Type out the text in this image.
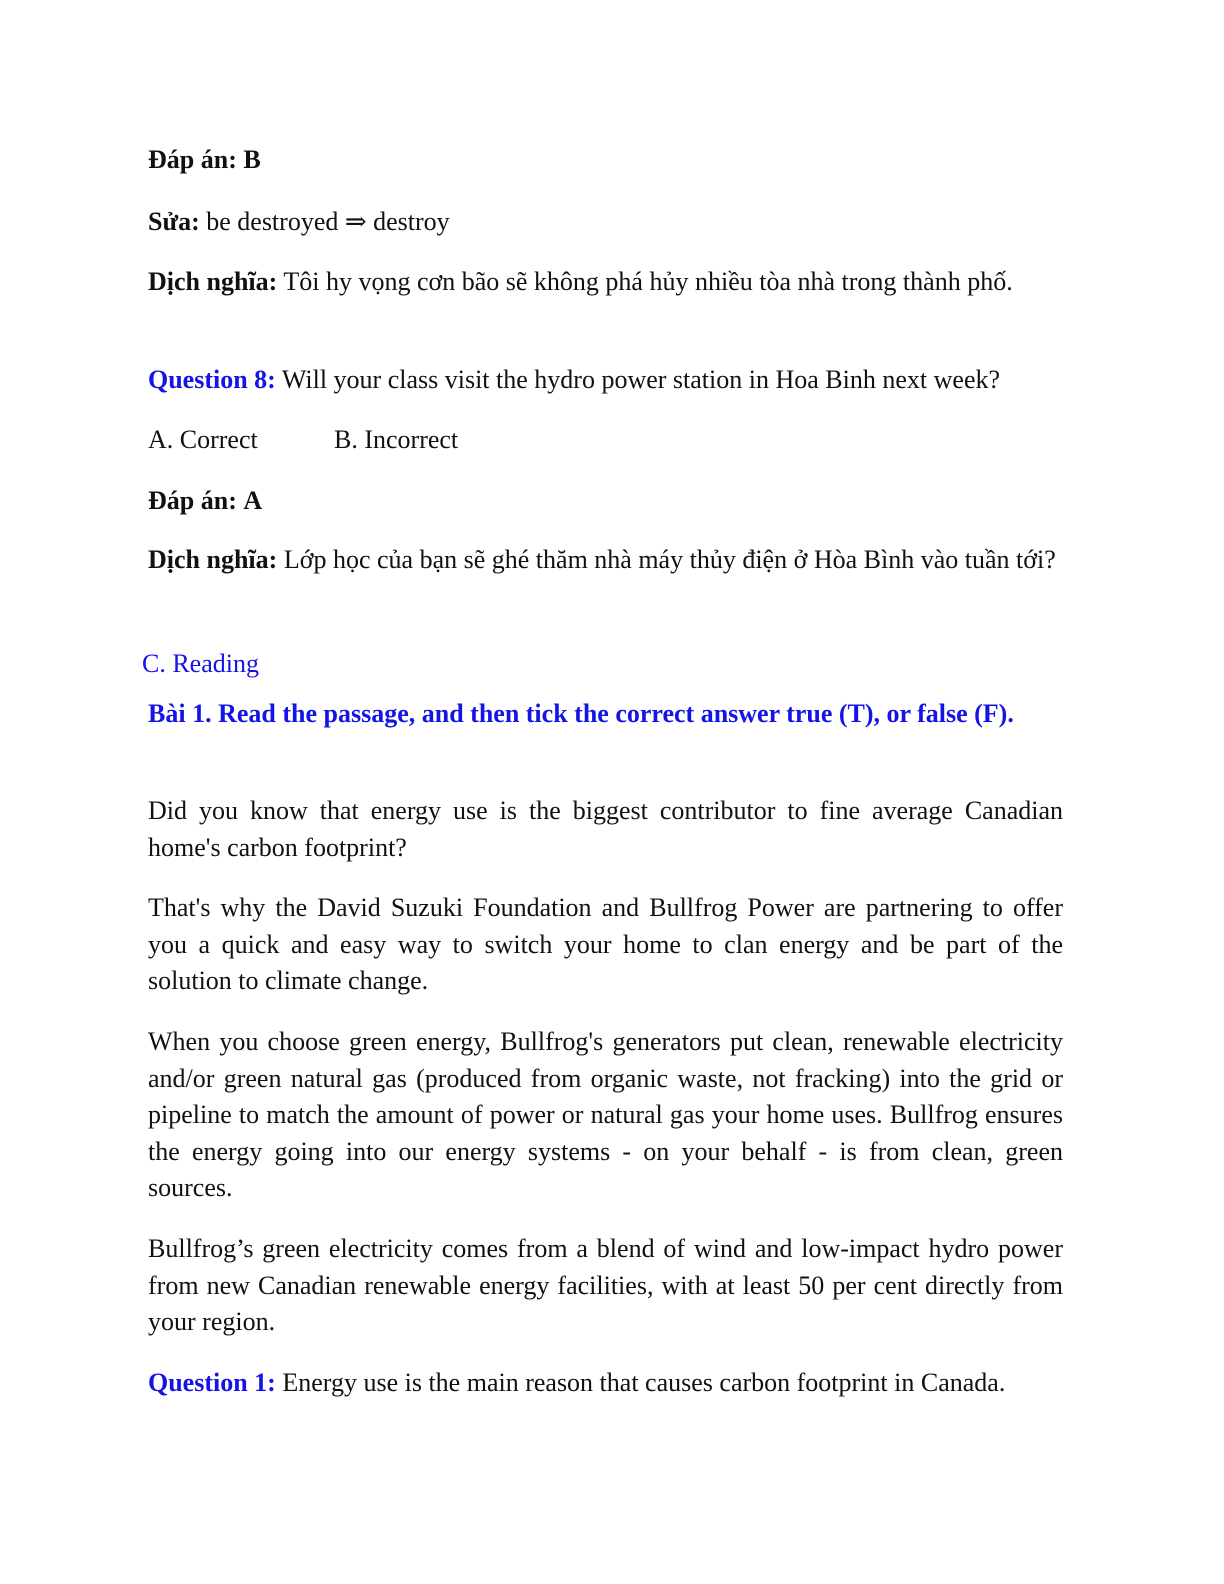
Đáp án: B
Sửa: be destroyed ⇒ destroy
Dịch nghĩa: Tôi hy vọng cơn bão sẽ không phá hủy nhiều tòa nhà trong thành phố.
Question 8: Will your class visit the hydro power station in Hoa Binh next week?
A. Correct	B. Incorrect
Đáp án: A
Dịch nghĩa: Lớp học của bạn sẽ ghé thăm nhà máy thủy điện ở Hòa Bình vào tuần tới?
C. Reading
Bài 1. Read the passage, and then tick the correct answer true (T), or false (F).
Did you know that energy use is the biggest contributor to fine average Canadian home's carbon footprint?
That's why the David Suzuki Foundation and Bullfrog Power are partnering to offer you a quick and easy way to switch your home to clan energy and be part of the solution to climate change.
When you choose green energy, Bullfrog's generators put clean, renewable electricity and/or green natural gas (produced from organic waste, not fracking) into the grid or pipeline to match the amount of power or natural gas your home uses. Bullfrog ensures the energy going into our energy systems - on your behalf - is from clean, green sources.
Bullfrog’s green electricity comes from a blend of wind and low-impact hydro power from new Canadian renewable energy facilities, with at least 50 per cent directly from your region.
Question 1: Energy use is the main reason that causes carbon footprint in Canada.
